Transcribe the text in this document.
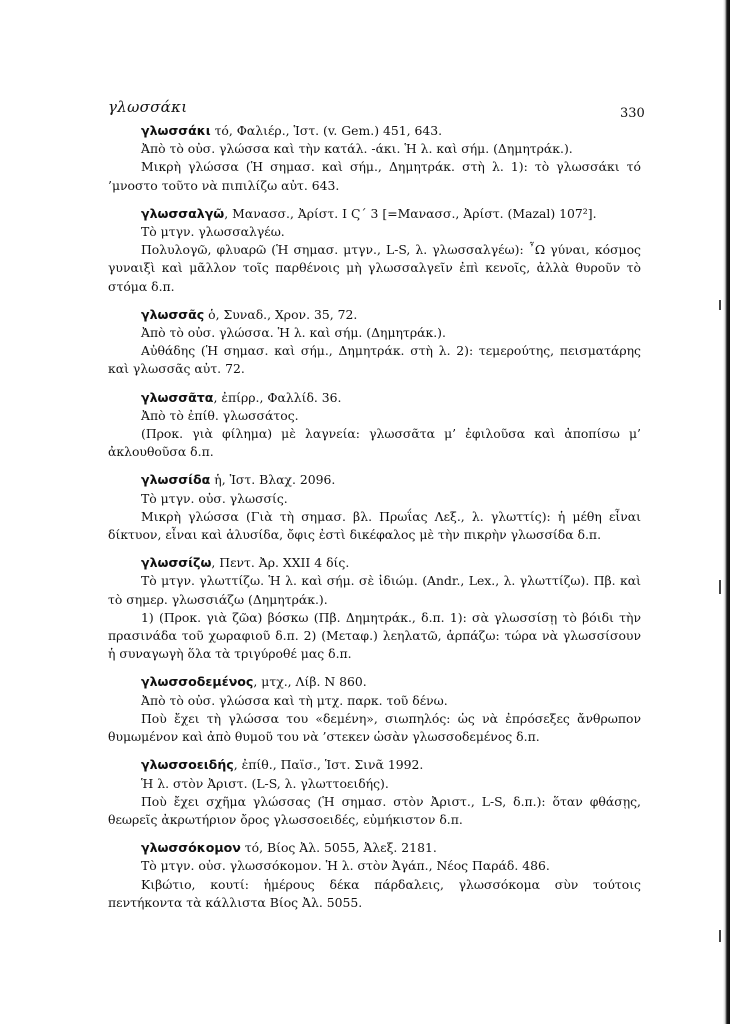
γλωσσάκι	330

γλωσσάκι τό, Φαλιέρ., Ἱστ. (v. Gem.) 451, 643.

Ἀπὸ τὸ οὐσ. γλώσσα καὶ τὴν κατάλ. -άκι. Ἡ λ. καὶ σήμ. (Δημητράκ.).

Μικρὴ γλώσσα (Ἡ σημασ. καὶ σήμ., Δημητράκ. στὴ λ. 1): τὸ γλωσσάκι τό ’μνοστο τοῦτο νὰ πιπιλίζω αὐτ. 643.

γλωσσαλγῶ, Μανασσ., Ἀρίστ. Ι Ϛ´ 3 [=Μανασσ., Ἀρίστ. (Mazal) 107²].

Τὸ μτγν. γλωσσαλγέω.

Πολυλογῶ, φλυαρῶ (Ἡ σημασ. μτγν., L-S, λ. γλωσσαλγέω): ῏Ω γύναι, κόσμος γυναιξὶ καὶ μᾶλλον τοῖς παρθένοις μὴ γλωσσαλγεῖν ἐπὶ κενοῖς, ἀλλὰ θυροῦν τὸ στόμα δ.π.

γλωσσᾶς ὁ, Συναδ., Χρον. 35, 72.

Ἀπὸ τὸ οὐσ. γλώσσα. Ἡ λ. καὶ σήμ. (Δημητράκ.).

Αὐθάδης (Ἡ σημασ. καὶ σήμ., Δημητράκ. στὴ λ. 2): τεμερούτης, πεισματάρης καὶ γλωσσᾶς αὐτ. 72.

γλωσσᾶτα, ἐπίρρ., Φαλλίδ. 36.

Ἀπὸ τὸ ἐπίθ. γλωσσάτος.

(Προκ. γιὰ φίλημα) μὲ λαγνεία: γλωσσᾶτα μ’ ἐφιλοῦσα καὶ ἀποπίσω μ’ ἀκλουθοῦσα δ.π.

γλωσσίδα ἡ, Ἱστ. Βλαχ. 2096.

Τὸ μτγν. οὐσ. γλωσσίς.

Μικρὴ γλώσσα (Γιὰ τὴ σημασ. βλ. Πρωΐας Λεξ., λ. γλωττίς): ἡ μέθη εἶναι δίκτυον, εἶναι καὶ ἁλυσίδα, ὄφις ἐστὶ δικέφαλος μὲ τὴν πικρὴν γλωσσίδα δ.π.

γλωσσίζω, Πεντ. Ἀρ. XXII 4 δίς.

Τὸ μτγν. γλωττίζω. Ἡ λ. καὶ σήμ. σὲ ἰδιώμ. (Andr., Lex., λ. γλωττίζω). Πβ. καὶ τὸ σημερ. γλωσσιάζω (Δημητράκ.).

1) (Προκ. γιὰ ζῶα) βόσκω (Πβ. Δημητράκ., δ.π. 1): σὰ γλωσσίσῃ τὸ βόιδι τὴν πρασινάδα τοῦ χωραφιοῦ δ.π. 2) (Μεταφ.) λεηλατῶ, ἁρπάζω: τώρα νὰ γλωσσίσουν ἡ συναγωγὴ ὅλα τὰ τριγύροθέ μας δ.π.

γλωσσοδεμένος, μτχ., Λίβ. N 860.

Ἀπὸ τὸ οὐσ. γλώσσα καὶ τὴ μτχ. παρκ. τοῦ δένω.

Ποὺ ἔχει τὴ γλώσσα του «δεμένη», σιωπηλός: ὡς νὰ ἐπρόσεξες ἄνθρωπον θυμωμένον καὶ ἀπὸ θυμοῦ του νὰ ’στεκεν ὡσὰν γλωσσοδεμένος δ.π.

γλωσσοειδής, ἐπίθ., Παϊσ., Ἱστ. Σινᾶ 1992.

Ἡ λ. στὸν Ἀριστ. (L-S, λ. γλωττοειδής).

Ποὺ ἔχει σχῆμα γλώσσας (Ἡ σημασ. στὸν Ἀριστ., L-S, δ.π.): ὅταν φθάσῃς, θεωρεῖς ἀκρωτήριον ὄρος γλωσσοειδές, εὐμήκιστον δ.π.

γλωσσόκομον τό, Βίος Ἀλ. 5055, Ἀλεξ. 2181.

Τὸ μτγν. οὐσ. γλωσσόκομον. Ἡ λ. στὸν Ἀγάπ., Νέος Παράδ. 486.

Κιβώτιο, κουτί: ἡμέρους δέκα πάρδαλεις, γλωσσόκομα σὺν τούτοις πεντήκοντα τὰ κάλλιστα Βίος Ἀλ. 5055.
